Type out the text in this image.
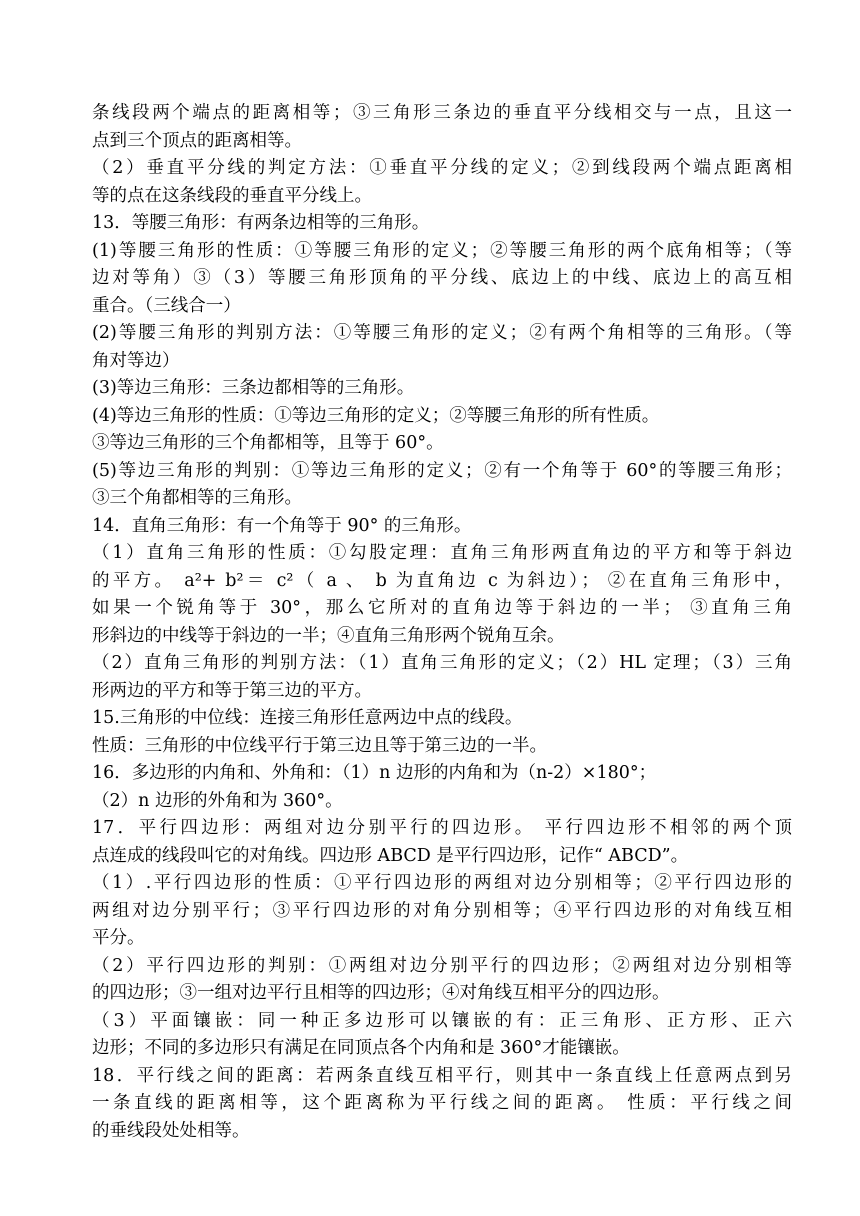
条线段两个端点的距离相等；③三角形三条边的垂直平分线相交与一点，且这一
点到三个顶点的距离相等。
（2）垂直平分线的判定方法：①垂直平分线的定义；②到线段两个端点距离相
等的点在这条线段的垂直平分线上。
13．等腰三角形：有两条边相等的三角形。
(1)等腰三角形的性质：①等腰三角形的定义；②等腰三角形的两个底角相等；（等
边对等角）③（3）等腰三角形顶角的平分线、底边上的中线、底边上的高互相
重合。（三线合一）
(2)等腰三角形的判别方法：①等腰三角形的定义；②有两个角相等的三角形。（等
角对等边）
(3)等边三角形：三条边都相等的三角形。
(4)等边三角形的性质：①等边三角形的定义；②等腰三角形的所有性质。
③等边三角形的三个角都相等，且等于 60°。
(5)等边三角形的判别：①等边三角形的定义；②有一个角等于 60°的等腰三角形；
③三个角都相等的三角形。
14．直角三角形：有一个角等于 90° 的三角形。
（1）直角三角形的性质：①勾股定理：直角三角形两直角边的平方和等于斜边
的平方。 a²+ b²＝ c²（ a 、 b 为直角边 c 为斜边）； ②在直角三角形中，
如果一个锐角等于 30°，那么它所对的直角边等于斜边的一半； ③直角三角
形斜边的中线等于斜边的一半；④直角三角形两个锐角互余。
（2）直角三角形的判别方法：（1）直角三角形的定义；（2）HL 定理；（3）三角
形两边的平方和等于第三边的平方。
15.三角形的中位线：连接三角形任意两边中点的线段。
性质：三角形的中位线平行于第三边且等于第三边的一半。
16．多边形的内角和、外角和：（1）n 边形的内角和为（n-2）×180°；
（2）n 边形的外角和为 360°。
17．平行四边形：两组对边分别平行的四边形。 平行四边形不相邻的两个顶
点连成的线段叫它的对角线。四边形 ABCD 是平行四边形，记作“ ABCD”。
（1）.平行四边形的性质：①平行四边形的两组对边分别相等；②平行四边形的
两组对边分别平行；③平行四边形的对角分别相等；④平行四边形的对角线互相
平分。
（2）平行四边形的判别：①两组对边分别平行的四边形；②两组对边分别相等
的四边形；③一组对边平行且相等的四边形；④对角线互相平分的四边形。
（3）平面镶嵌：同一种正多边形可以镶嵌的有：正三角形、正方形、正六
边形；不同的多边形只有满足在同顶点各个内角和是 360°才能镶嵌。
18．平行线之间的距离：若两条直线互相平行，则其中一条直线上任意两点到另
一条直线的距离相等，这个距离称为平行线之间的距离。 性质：平行线之间
的垂线段处处相等。
